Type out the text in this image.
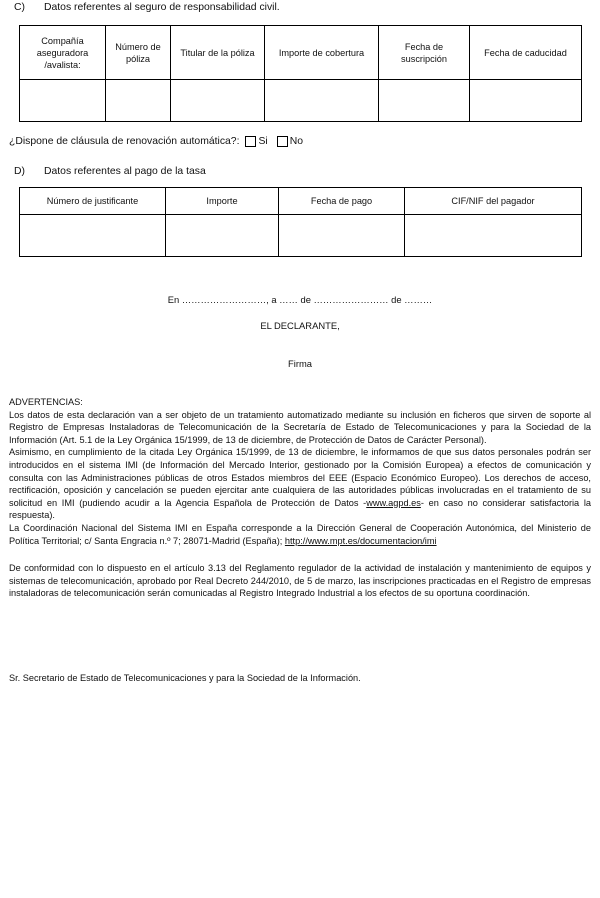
C) Datos referentes al seguro de responsabilidad civil.
Compañía aseguradora /avalista:	Número de póliza	Titular de la póliza	Importe de cobertura	Fecha de suscripción	Fecha de caducidad

¿Dispone de cláusula de renovación automática?: Si No
D) Datos referentes al pago de la tasa
Número de justificante	Importe	Fecha de pago	CIF/NIF del pagador

En ………………………, a …… de …………………… de ………
EL DECLARANTE,
Firma

ADVERTENCIAS:

Los datos de esta declaración van a ser objeto de un tratamiento automatizado mediante su inclusión en ficheros que sirven de soporte al Registro de Empresas Instaladoras de Telecomunicación de la Secretaría de Estado de Telecomunicaciones y para la Sociedad de la Información (Art. 5.1 de la Ley Orgánica 15/1999, de 13 de diciembre, de Protección de Datos de Carácter Personal).

Asimismo, en cumplimiento de la citada Ley Orgánica 15/1999, de 13 de diciembre, le informamos de que sus datos personales podrán ser introducidos en el sistema IMI (de Información del Mercado Interior, gestionado por la Comisión Europea) a efectos de comunicación y consulta con las Administraciones públicas de otros Estados miembros del EEE (Espacio Económico Europeo). Los derechos de acceso, rectificación, oposición y cancelación se pueden ejercitar ante cualquiera de las autoridades públicas involucradas en el tratamiento de su solicitud en IMI (pudiendo acudir a la Agencia Española de Protección de Datos -www.agpd.es- en caso no considerar satisfactoria la respuesta).

La Coordinación Nacional del Sistema IMI en España corresponde a la Dirección General de Cooperación Autonómica, del Ministerio de Política Territorial; c/ Santa Engracia n.º 7; 28071-Madrid (España); http://www.mpt.es/documentacion/imi

De conformidad con lo dispuesto en el artículo 3.13 del Reglamento regulador de la actividad de instalación y mantenimiento de equipos y sistemas de telecomunicación, aprobado por Real Decreto 244/2010, de 5 de marzo, las inscripciones practicadas en el Registro de empresas instaladoras de telecomunicación serán comunicadas al Registro Integrado Industrial a los efectos de su oportuna coordinación.
Sr. Secretario de Estado de Telecomunicaciones y para la Sociedad de la Información.
